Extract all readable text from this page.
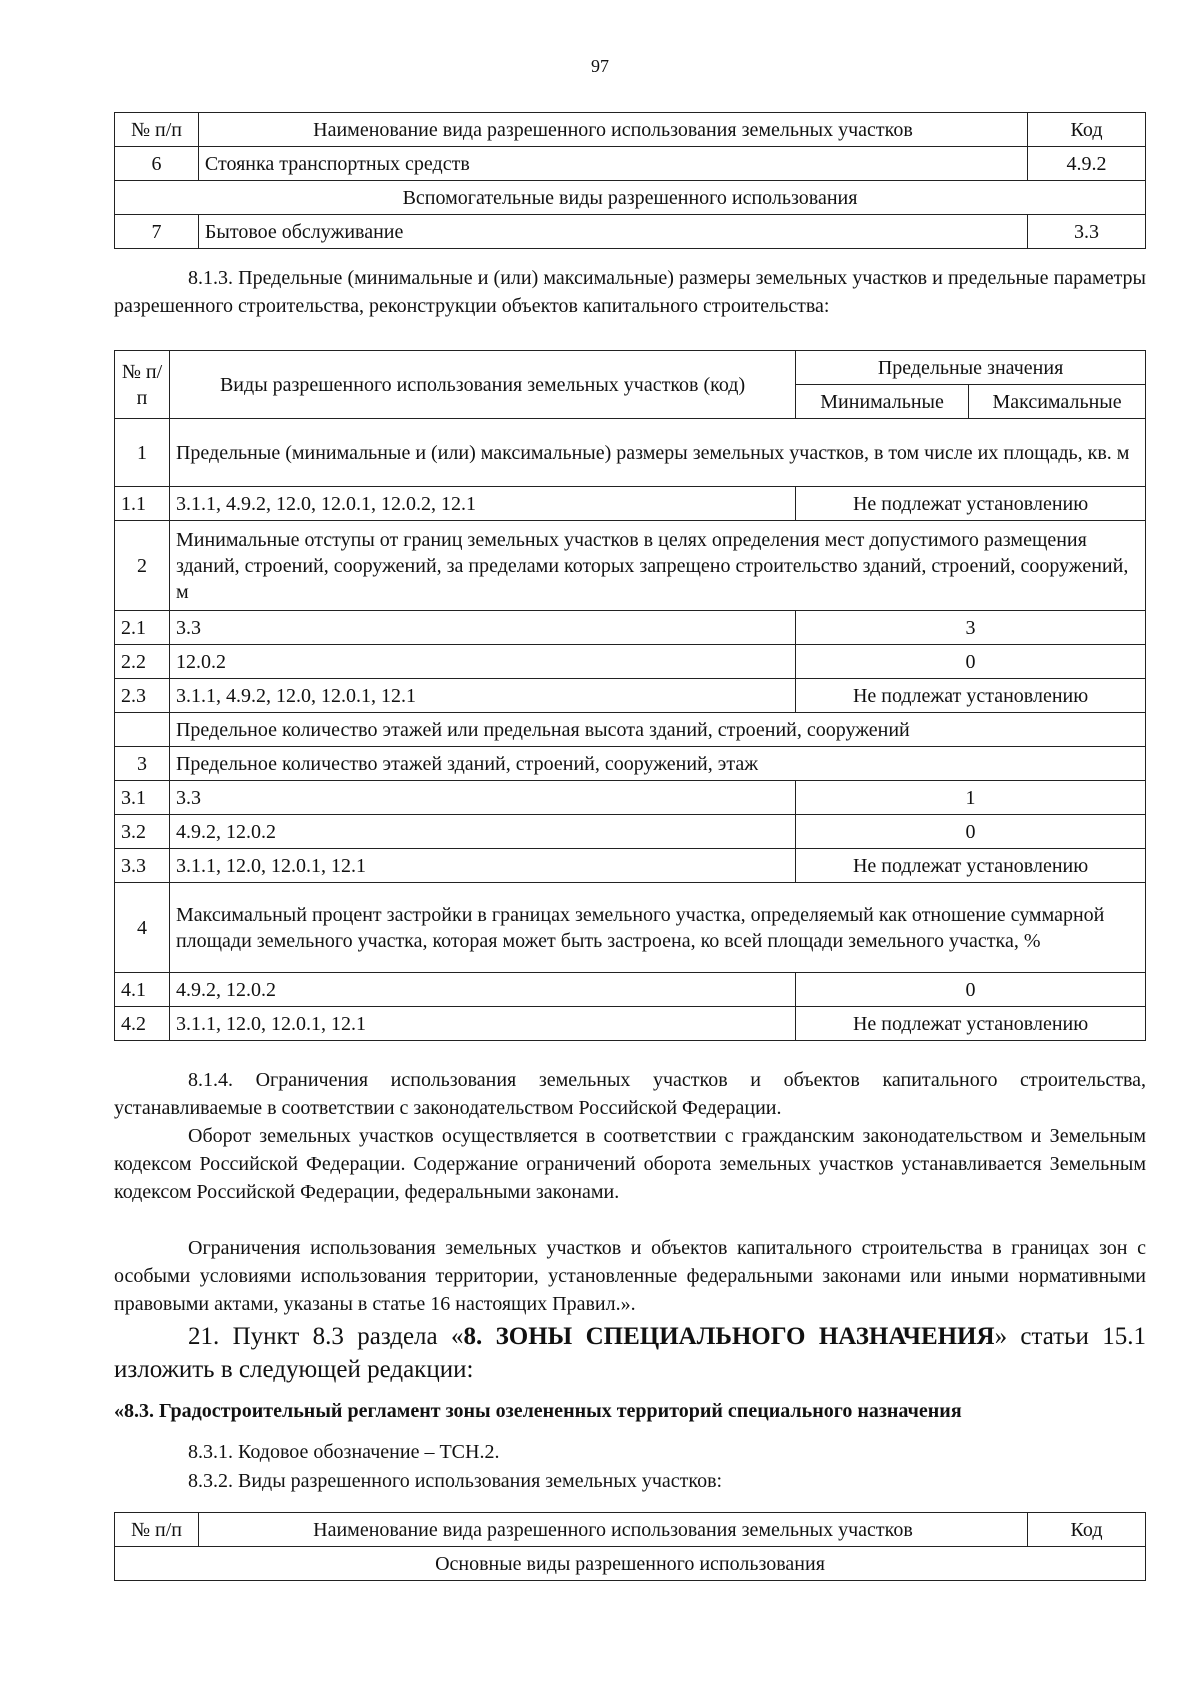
97
№ п/п	Наименование вида разрешенного использования земельных участков	Код
6	Стоянка транспортных средств	4.9.2
Вспомогательные виды разрешенного использования		
7	Бытовое обслуживание	3.3
8.1.3. Предельные (минимальные и (или) максимальные) размеры земельных участков и предельные параметры разрешенного строительства, реконструкции объектов капитального строительства:
№ п/п	Виды разрешенного использования земельных участков (код)	Предельные значения	
		Минимальные	Максимальные
1	Предельные (минимальные и (или) максимальные) размеры земельных участков, в том числе их площадь, кв. м		
1.1	3.1.1, 4.9.2, 12.0, 12.0.1, 12.0.2, 12.1	Не подлежат установлению	
2	Минимальные отступы от границ земельных участков в целях определения мест допустимого размещения зданий, строений, сооружений, за пределами которых запрещено строительство зданий, строений, сооружений, м		
2.1	3.3	3	
2.2	12.0.2	0	
2.3	3.1.1, 4.9.2, 12.0, 12.0.1, 12.1	Не подлежат установлению	
	Предельное количество этажей или предельная высота зданий, строений, сооружений		
3	Предельное количество этажей зданий, строений, сооружений, этаж		
3.1	3.3	1	
3.2	4.9.2, 12.0.2	0	
3.3	3.1.1, 12.0, 12.0.1, 12.1	Не подлежат установлению	
4	Максимальный процент застройки в границах земельного участка, определяемый как отношение суммарной площади земельного участка, которая может быть застроена, ко всей площади земельного участка, %		
4.1	4.9.2, 12.0.2	0	
4.2	3.1.1, 12.0, 12.0.1, 12.1	Не подлежат установлению	
8.1.4. Ограничения использования земельных участков и объектов капитального строительства, устанавливаемые в соответствии с законодательством Российской Федерации.
Оборот земельных участков осуществляется в соответствии с гражданским законодательством и Земельным кодексом Российской Федерации. Содержание ограничений оборота земельных участков устанавливается Земельным кодексом Российской Федерации, федеральными законами.
Ограничения использования земельных участков и объектов капитального строительства в границах зон с особыми условиями использования территории, установленные федеральными законами или иными нормативными правовыми актами, указаны в статье 16 настоящих Правил.».
21. Пункт 8.3 раздела «8. ЗОНЫ СПЕЦИАЛЬНОГО НАЗНАЧЕНИЯ» статьи 15.1 изложить в следующей редакции:
«8.3. Градостроительный регламент зоны озелененных территорий специального назначения
8.3.1. Кодовое обозначение – ТСН.2.
8.3.2. Виды разрешенного использования земельных участков:
№ п/п	Наименование вида разрешенного использования земельных участков	Код
Основные виды разрешенного использования
